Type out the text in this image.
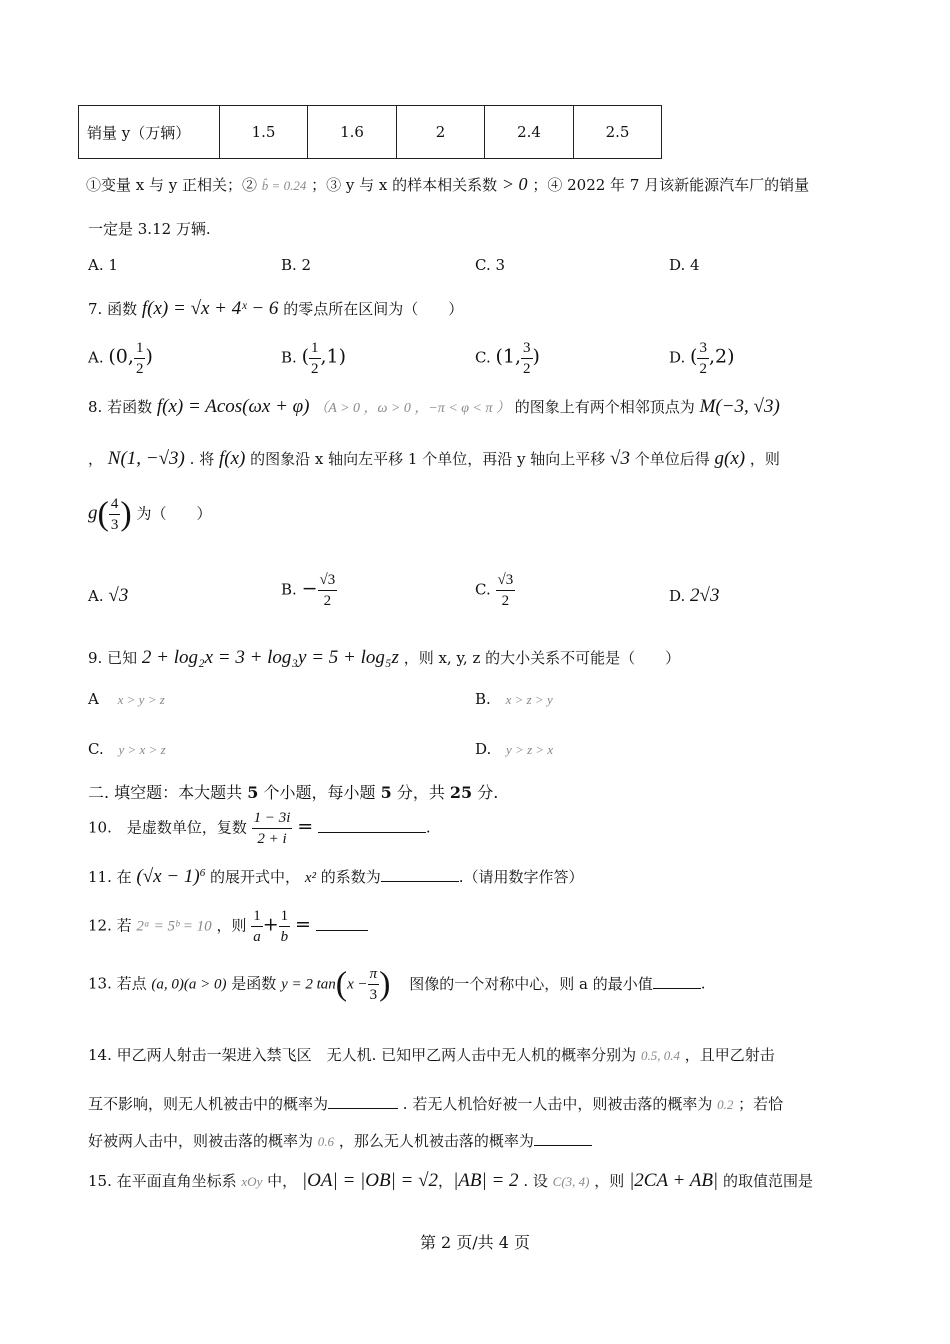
销量 y（万辆）	1.5	1.6	2	2.4	2.5
①变量 x 与 y 正相关；② b̂ = 0.24 ；③ y 与 x 的样本相关系数 > 0 ；④ 2022 年 7 月该新能源汽车厂的销量
一定是 3.12 万辆.
A. 1	B. 2	C. 3	D. 4
7. 函数 f(x) = √x + 4ˣ − 6 的零点所在区间为（　　）
A. (0, $\frac{1}{2}$ )	B. ( $\frac{1}{2} ,1$)	C. (1, $\frac{3}{2}$ )	D. ( $\frac{3}{2} ,2$)
8. 若函数 f(x) = Acos(ωx + φ) （A > 0 ，ω > 0 ，−π < φ < π ） 的图象上有两个相邻顶点为 M(−3, √3)
， N(1, −√3) . 将 f(x) 的图象沿 x 轴向左平移 1 个单位，再沿 y 轴向上平移 √3 个单位后得 g(x) ，则
$g( \frac{4}{3}$ ) 为（　　）
A. √3	B. − $\frac{√3}{2}$	C. $\frac{√3}{2}$	D. 2√3
9. 已知 2 + log₂x = 3 + log₃y = 5 + log₅z ，则 x, y, z 的大小关系不可能是（　　）
A x > y > z	B. x > z > y
C. y > x > z	D. y > z > x
二. 填空题：本大题共 5 个小题，每小题 5 分，共 25 分.
10.　是虚数单位，复数 $\frac{1 - 3i}{2 + i}$ =	.
11. 在 $(√x - 1)^6$ 的展开式中， x² 的系数为	.（请用数字作答）
12. 若 2ᵃ = 5ᵇ = 10 ，则 $\frac{1}{a} + \frac{1}{b}$ =
13. 若点 (a, 0)(a > 0) 是函数 y = 2 $\tan(x - \frac{\pi}{3}$ ) 图像的一个对称中心，则 a 的最小值	.
14. 甲乙两人射击一架进入禁飞区　无人机. 已知甲乙两人击中无人机的概率分别为 0.5, 0.4 ，且甲乙射击
互不影响，则无人机被击中的概率为	. 若无人机恰好被一人击中，则被击落的概率为 0.2 ；若恰
好被两人击中，则被击落的概率为 0.6 ，那么无人机被击落的概率为
15. 在平面直角坐标系 xOy 中， |OA| = |OB| = √2，|AB| = 2 . 设 C(3, 4) ，则 |2CA + AB| 的取值范围是
第 2 页/共 4 页
